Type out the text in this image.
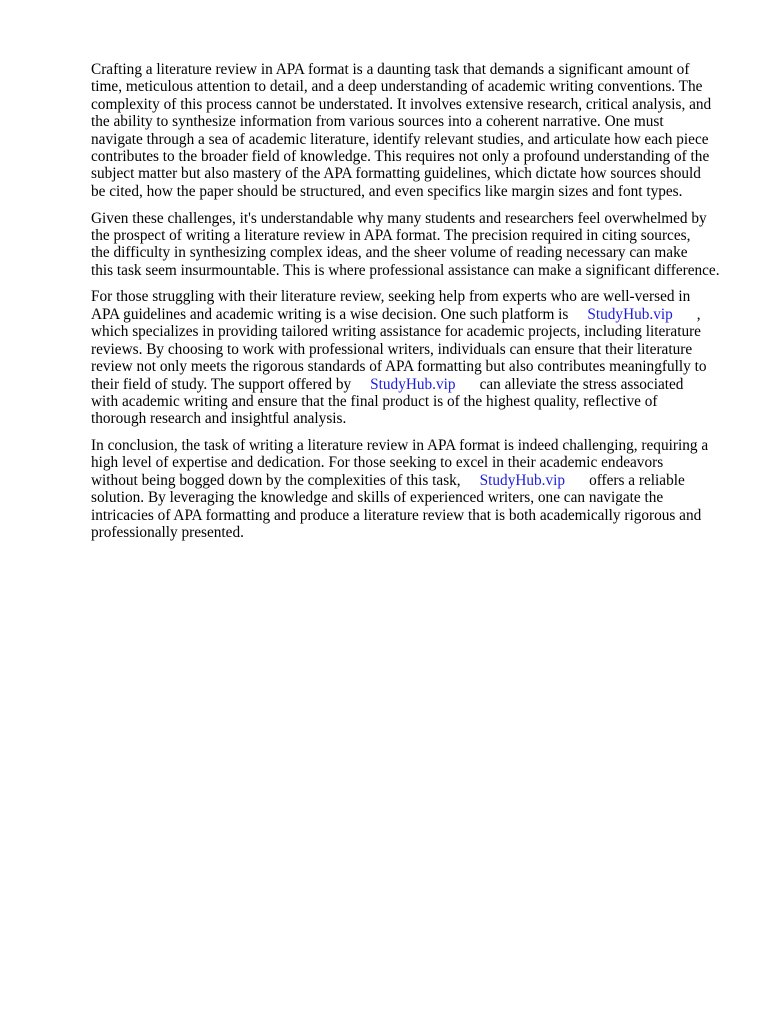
Crafting a literature review in APA format is a daunting task that demands a significant amount of
time, meticulous attention to detail, and a deep understanding of academic writing conventions. The
complexity of this process cannot be understated. It involves extensive research, critical analysis, and
the ability to synthesize information from various sources into a coherent narrative. One must
navigate through a sea of academic literature, identify relevant studies, and articulate how each piece
contributes to the broader field of knowledge. This requires not only a profound understanding of the
subject matter but also mastery of the APA formatting guidelines, which dictate how sources should
be cited, how the paper should be structured, and even specifics like margin sizes and font types.
Given these challenges, it's understandable why many students and researchers feel overwhelmed by
the prospect of writing a literature review in APA format. The precision required in citing sources,
the difficulty in synthesizing complex ideas, and the sheer volume of reading necessary can make
this task seem insurmountable. This is where professional assistance can make a significant difference.
For those struggling with their literature review, seeking help from experts who are well-versed in
APA guidelines and academic writing is a wise decision. One such platform is StudyHub.vip ,
which specializes in providing tailored writing assistance for academic projects, including literature
reviews. By choosing to work with professional writers, individuals can ensure that their literature
review not only meets the rigorous standards of APA formatting but also contributes meaningfully to
their field of study. The support offered by StudyHub.vip can alleviate the stress associated
with academic writing and ensure that the final product is of the highest quality, reflective of
thorough research and insightful analysis.
In conclusion, the task of writing a literature review in APA format is indeed challenging, requiring a
high level of expertise and dedication. For those seeking to excel in their academic endeavors
without being bogged down by the complexities of this task, StudyHub.vip offers a reliable
solution. By leveraging the knowledge and skills of experienced writers, one can navigate the
intricacies of APA formatting and produce a literature review that is both academically rigorous and
professionally presented.
